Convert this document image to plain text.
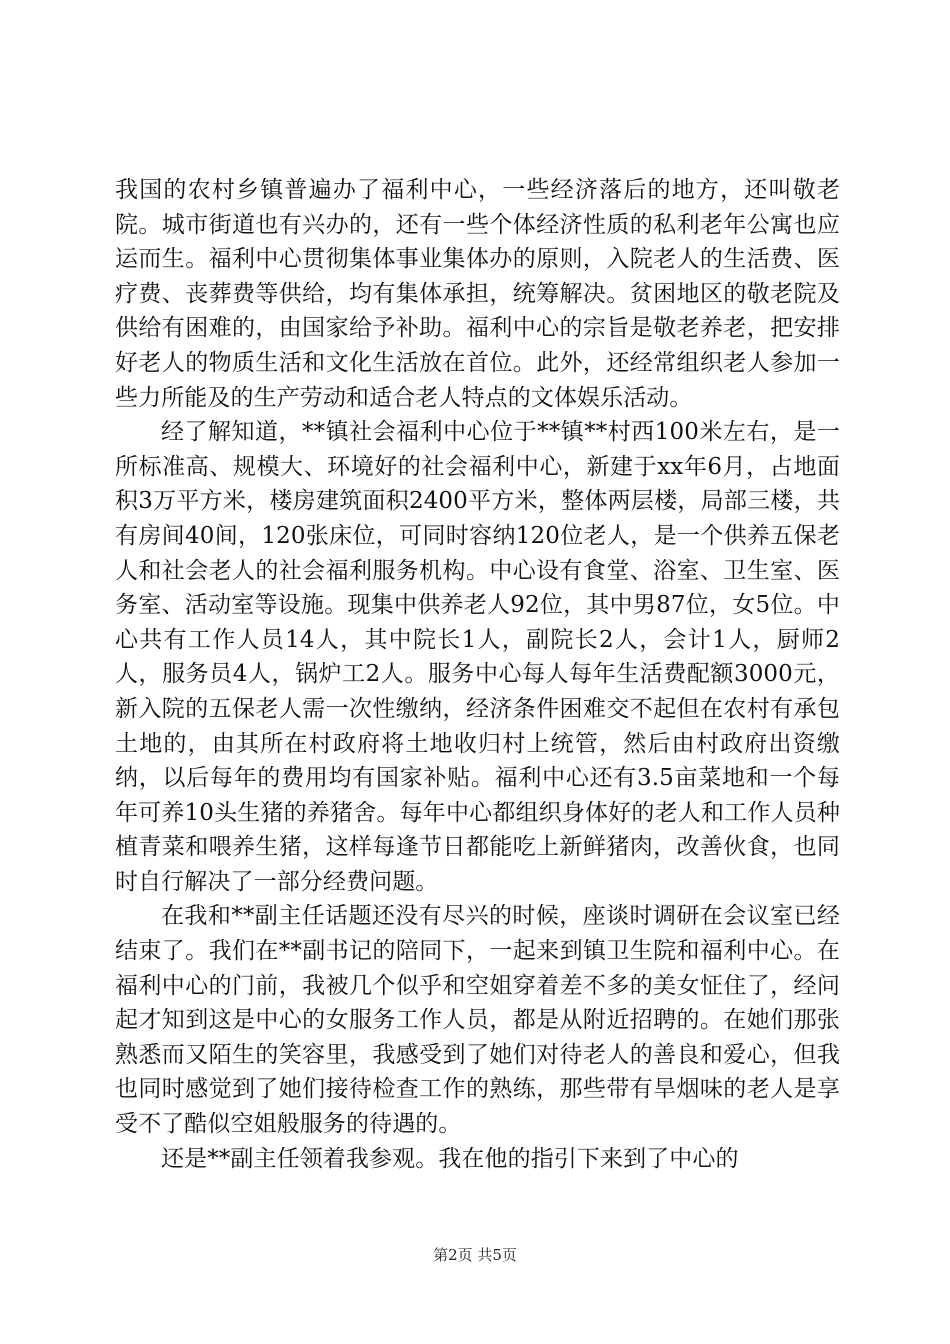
我国的农村乡镇普遍办了福利中心，一些经济落后的地方，还叫敬老院。城市街道也有兴办的，还有一些个体经济性质的私利老年公寓也应运而生。福利中心贯彻集体事业集体办的原则，入院老人的生活费、医疗费、丧葬费等供给，均有集体承担，统筹解决。贫困地区的敬老院及供给有困难的，由国家给予补助。福利中心的宗旨是敬老养老，把安排好老人的物质生活和文化生活放在首位。此外，还经常组织老人参加一些力所能及的生产劳动和适合老人特点的文体娱乐活动。

经了解知道，**镇社会福利中心位于**镇**村西100米左右，是一所标准高、规模大、环境好的社会福利中心，新建于xx年6月，占地面积3万平方米，楼房建筑面积2400平方米，整体两层楼，局部三楼，共有房间40间，120张床位，可同时容纳120位老人，是一个供养五保老人和社会老人的社会福利服务机构。中心设有食堂、浴室、卫生室、医务室、活动室等设施。现集中供养老人92位，其中男87位，女5位。中心共有工作人员14人，其中院长1人，副院长2人，会计1人，厨师2人，服务员4人，锅炉工2人。服务中心每人每年生活费配额3000元，新入院的五保老人需一次性缴纳，经济条件困难交不起但在农村有承包土地的，由其所在村政府将土地收归村上统管，然后由村政府出资缴纳，以后每年的费用均有国家补贴。福利中心还有3.5亩菜地和一个每年可养10头生猪的养猪舍。每年中心都组织身体好的老人和工作人员种植青菜和喂养生猪，这样每逢节日都能吃上新鲜猪肉，改善伙食，也同时自行解决了一部分经费问题。

在我和**副主任话题还没有尽兴的时候，座谈时调研在会议室已经结束了。我们在**副书记的陪同下，一起来到镇卫生院和福利中心。在福利中心的门前，我被几个似乎和空姐穿着差不多的美女怔住了，经问起才知到这是中心的女服务工作人员，都是从附近招聘的。在她们那张熟悉而又陌生的笑容里，我感受到了她们对待老人的善良和爱心，但我也同时感觉到了她们接待检查工作的熟练，那些带有旱烟味的老人是享受不了酷似空姐般服务的待遇的。

还是**副主任领着我参观。我在他的指引下来到了中心的

第2页 共5页
